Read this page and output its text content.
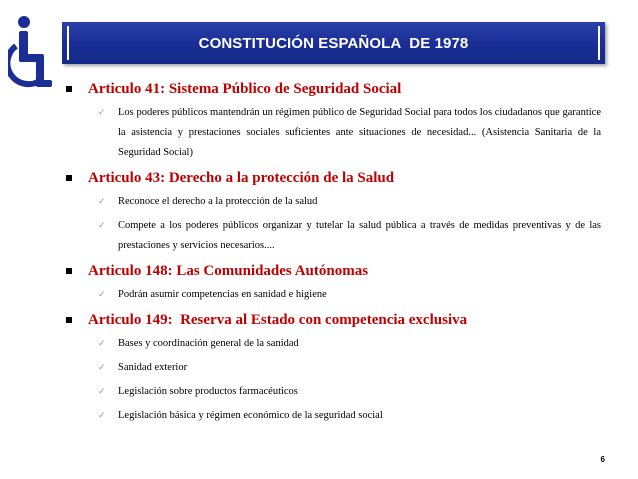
CONSTITUCIÓN ESPAÑOLA  DE 1978
Articulo 41: Sistema Público de Seguridad Social
✓	Los poderes públicos mantendrán un régimen público de Seguridad Social para todos los ciudadanos que garantice la asistencia y prestaciones sociales suficientes ante situaciones de necesidad... (Asistencia Sanitaria de la Seguridad Social)
Articulo 43: Derecho a la protección de la Salud
✓	Reconoce el derecho a la protección de la salud
✓	Compete a los poderes públicos organizar y tutelar la salud pública a través de medidas preventivas y de las prestaciones y servicios necesarios....
Articulo 148: Las Comunidades Autónomas
✓	Podrán asumir competencias en sanidad e higiene
Articulo 149:  Reserva al Estado con competencia exclusiva
✓	Bases y coordinación general de la sanidad
✓	Sanidad exterior
✓	Legislación sobre productos farmacéuticos
✓	Legislación básica y régimen económico de la seguridad social
6
